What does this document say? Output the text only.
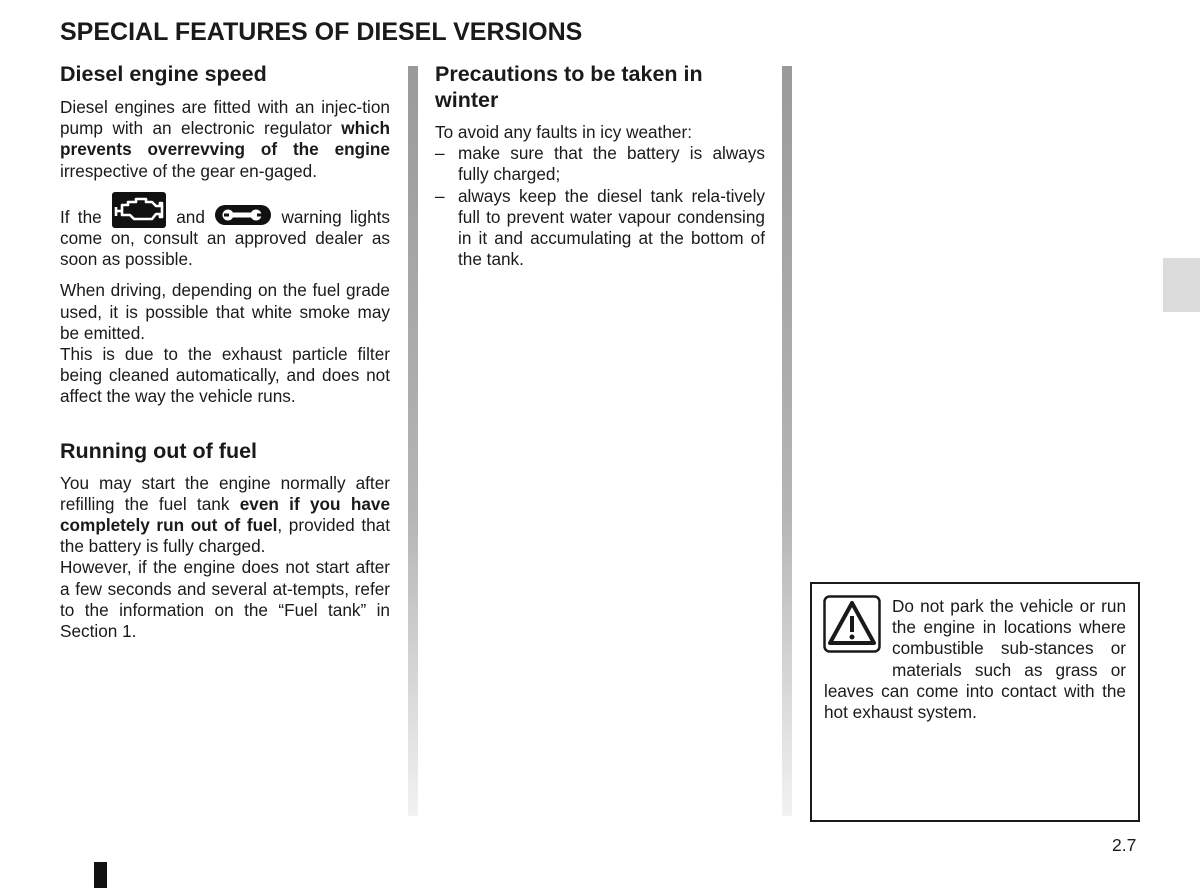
SPECIAL FEATURES OF DIESEL VERSIONS
Diesel engine speed

Diesel engines are fitted with an injec-tion pump with an electronic regulator which prevents overrevving of the engine irrespective of the gear en-gaged.

If the	and	warning lights come on, consult an approved dealer as soon as possible.

When driving, depending on the fuel grade used, it is possible that white smoke may be emitted.

This is due to the exhaust particle filter being cleaned automatically, and does not affect the way the vehicle runs.

Running out of fuel

You may start the engine normally after refilling the fuel tank even if you have completely run out of fuel, provided that the battery is fully charged.

However, if the engine does not start after a few seconds and several at-tempts, refer to the information on the “Fuel tank” in Section 1.

Precautions to be taken in winter

To avoid any faults in icy weather:

– make sure that the battery is always fully charged;
– always keep the diesel tank rela-tively full to prevent water vapour condensing in it and accumulating at the bottom of the tank.
Do not park the vehicle or run the engine in locations where combustible sub-stances or materials such as grass or leaves can come into contact with the hot exhaust system.
2.7
